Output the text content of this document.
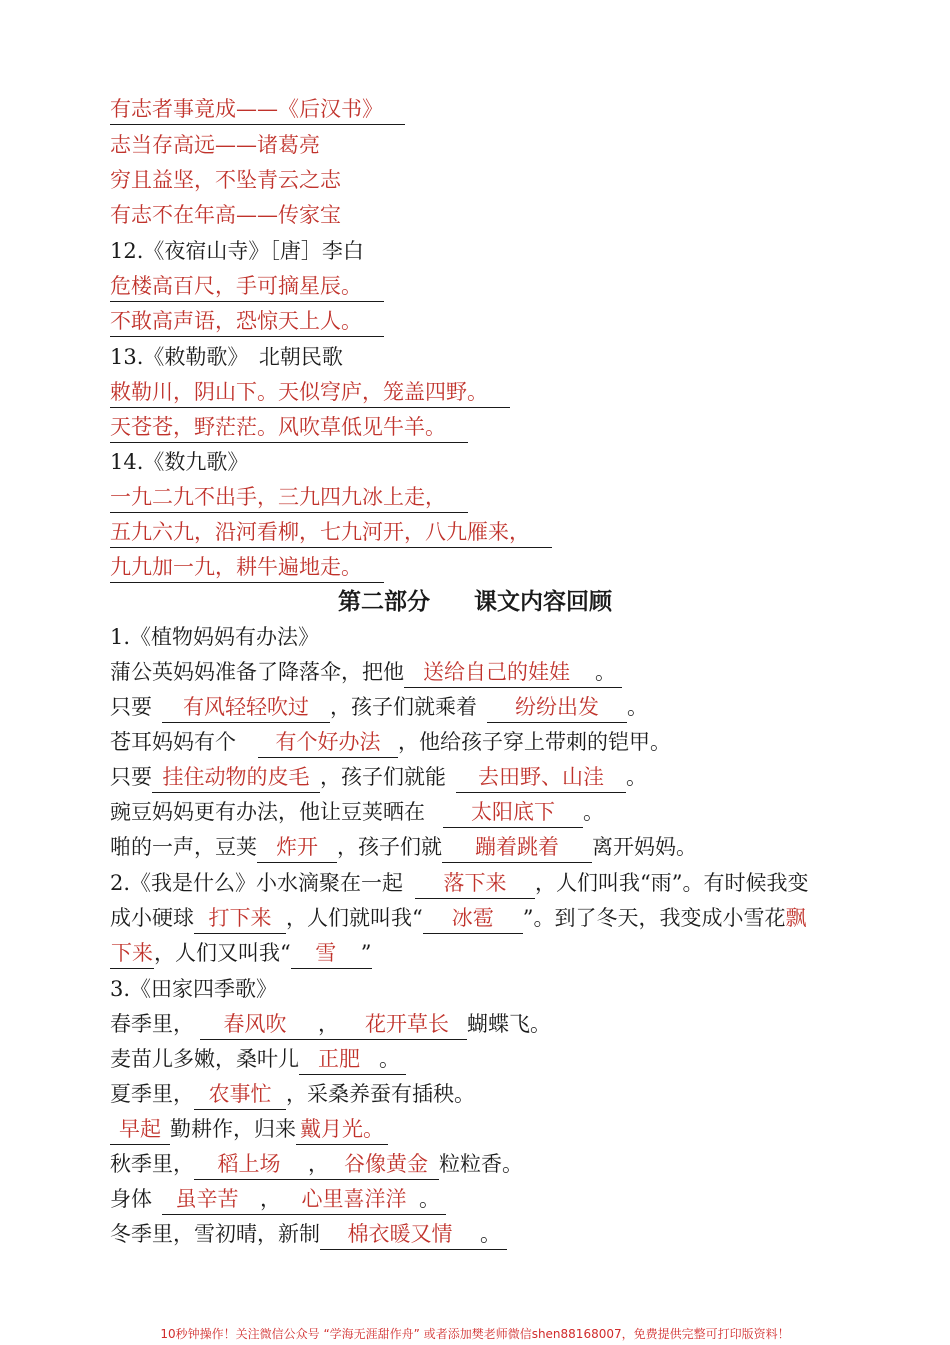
有志者事竟成——《后汉书》
志当存高远——诸葛亮
穷且益坚，不坠青云之志
有志不在年高——传家宝
12.《夜宿山寺》［唐］李白
危楼高百尺，手可摘星辰。
不敢高声语，恐惊天上人。
13.《敕勒歌》　北朝民歌
敕勒川，阴山下。天似穹庐，笼盖四野。
天苍苍，野茫茫。风吹草低见牛羊。
14.《数九歌》
一九二九不出手，三九四九冰上走，
五九六九，沿河看柳，七九河开，八九雁来，
九九加一九，耕牛遍地走。
第二部分 课文内容回顾
1.《植物妈妈有办法》
蒲公英妈妈准备了降落伞，把他 送给自己的娃娃 。
只要 有风轻轻吹过 ，孩子们就乘着 纷纷出发 。
苍耳妈妈有个 有个好办法 ，他给孩子穿上带刺的铠甲。
只要 挂住动物的皮毛 ，孩子们就能 去田野、山洼 。
豌豆妈妈更有办法，他让豆荚晒在 太阳底下 。
啪的一声，豆荚 炸开 ，孩子们就 蹦着跳着 离开妈妈。
2.《我是什么》小水滴聚在一起 落下来 ，人们叫我“雨”。有时候我变
成小硬球 打下来 ，人们就叫我“ 冰雹 ”。到了冬天，我变成小雪花飘
下来，人们又叫我“ 雪 ”
3.《田家四季歌》
春季里， 春风吹 ， 花开草长 蝴蝶飞。
麦苗儿多嫩，桑叶儿 正肥 。
夏季里， 农事忙 ，采桑养蚕有插秧。
早起 勤耕作，归来 戴月光。
秋季里， 稻上场 ， 谷像黄金 粒粒香。
身体 虽辛苦 ， 心里喜洋洋 。
冬季里，雪初晴，新制 棉衣暖又情 。
10秒钟操作！关注微信公众号 “学海无涯甜作舟” 或者添加樊老师微信shen88168007，免费提供完整可打印版资料！
